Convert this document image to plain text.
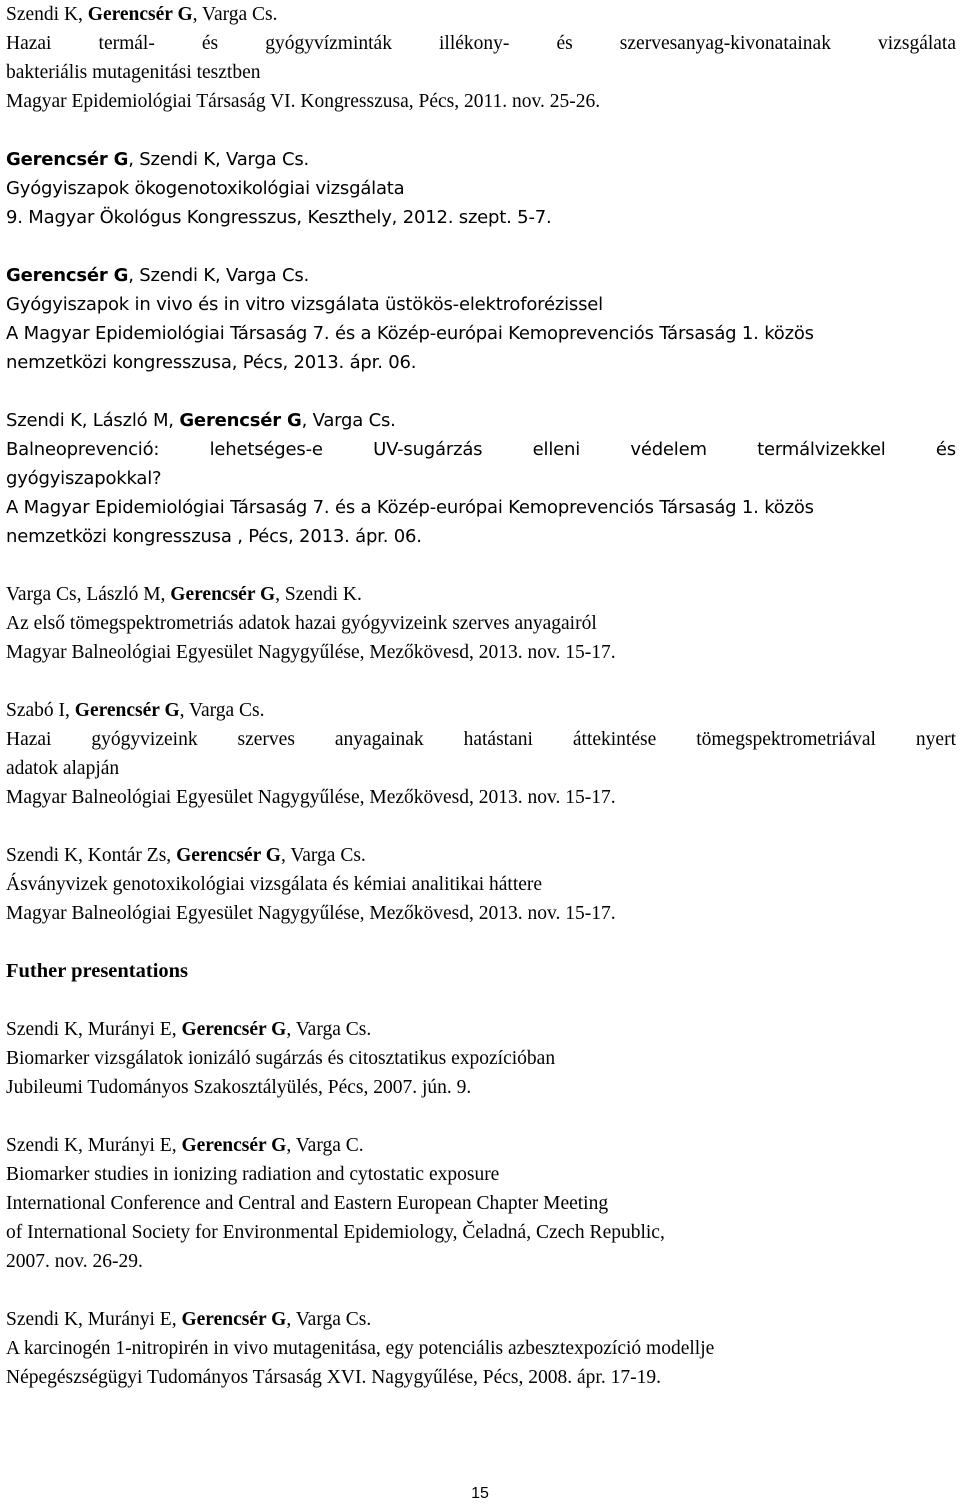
Szendi K, Gerencsér G, Varga Cs.
Hazai termál- és gyógyvízminták illékony- és szervesanyag-kivonatainak vizsgálata
bakteriális mutagenitási tesztben
Magyar Epidemiológiai Társaság VI. Kongresszusa, Pécs, 2011. nov. 25-26.
Gerencsér G, Szendi K, Varga Cs.
Gyógyiszapok ökogenotoxikológiai vizsgálata
9. Magyar Ökológus Kongresszus, Keszthely, 2012. szept. 5-7.
Gerencsér G, Szendi K, Varga Cs.
Gyógyiszapok in vivo és in vitro vizsgálata üstökös-elektroforézissel
A Magyar Epidemiológiai Társaság 7. és a Közép-európai Kemoprevenciós Társaság 1. közös
nemzetközi kongresszusa, Pécs, 2013. ápr. 06.
Szendi K, László M, Gerencsér G, Varga Cs.
Balneoprevenció: lehetséges-e UV-sugárzás elleni védelem termálvizekkel és
gyógyiszapokkal?
A Magyar Epidemiológiai Társaság 7. és a Közép-európai Kemoprevenciós Társaság 1. közös
nemzetközi kongresszusa , Pécs, 2013. ápr. 06.
Varga Cs, László M, Gerencsér G, Szendi K.
Az első tömegspektrometriás adatok hazai gyógyvizeink szerves anyagairól
Magyar Balneológiai Egyesület Nagygyűlése, Mezőkövesd, 2013. nov. 15-17.
Szabó I, Gerencsér G, Varga Cs.
Hazai gyógyvizeink szerves anyagainak hatástani áttekintése tömegspektrometriával nyert
adatok alapján
Magyar Balneológiai Egyesület Nagygyűlése, Mezőkövesd, 2013. nov. 15-17.
Szendi K, Kontár Zs, Gerencsér G, Varga Cs.
Ásványvizek genotoxikológiai vizsgálata és kémiai analitikai háttere
Magyar Balneológiai Egyesület Nagygyűlése, Mezőkövesd, 2013. nov. 15-17.
Futher presentations
Szendi K, Murányi E, Gerencsér G, Varga Cs.
Biomarker vizsgálatok ionizáló sugárzás és citosztatikus expozícióban
Jubileumi Tudományos Szakosztályülés, Pécs, 2007. jún. 9.
Szendi K, Murányi E, Gerencsér G, Varga C.
Biomarker studies in ionizing radiation and cytostatic exposure
International Conference and Central and Eastern European Chapter Meeting
of International Society for Environmental Epidemiology, Čeladná, Czech Republic,
2007. nov. 26-29.
Szendi K, Murányi E, Gerencsér G, Varga Cs.
A karcinogén 1-nitropirén in vivo mutagenitása, egy potenciális azbesztexpozíció modellje
Népegészségügyi Tudományos Társaság XVI. Nagygyűlése, Pécs, 2008. ápr. 17-19.
15
